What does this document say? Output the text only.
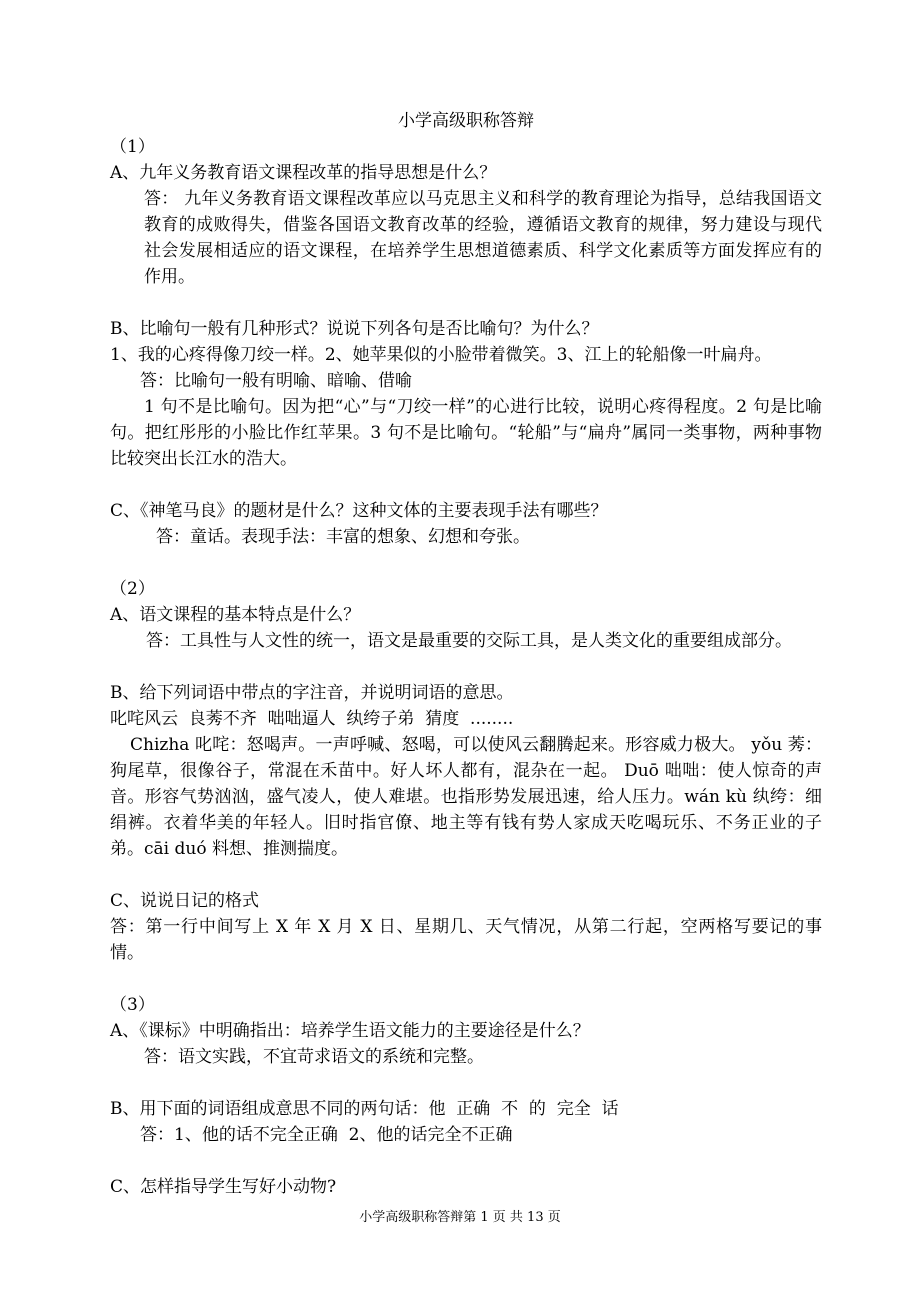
小学高级职称答辩
（1）
A、九年义务教育语文课程改革的指导思想是什么？
答： 九年义务教育语文课程改革应以马克思主义和科学的教育理论为指导，总结我国语文教育的成败得失，借鉴各国语文教育改革的经验，遵循语文教育的规律，努力建设与现代社会发展相适应的语文课程，在培养学生思想道德素质、科学文化素质等方面发挥应有的作用。
B、比喻句一般有几种形式？说说下列各句是否比喻句？为什么？
1、我的心疼得像刀绞一样。2、她苹果似的小脸带着微笑。3、江上的轮船像一叶扁舟。
答：比喻句一般有明喻、暗喻、借喻
1 句不是比喻句。因为把“心”与“刀绞一样”的心进行比较，说明心疼得程度。2 句是比喻句。把红彤彤的小脸比作红苹果。3 句不是比喻句。“轮船”与“扁舟”属同一类事物，两种事物比较突出长江水的浩大。
C、《神笔马良》的题材是什么？这种文体的主要表现手法有哪些？
答：童话。表现手法：丰富的想象、幻想和夸张。
（2）
A、语文课程的基本特点是什么？
答：工具性与人文性的统一，语文是最重要的交际工具，是人类文化的重要组成部分。
B、给下列词语中带点的字注音，并说明词语的意思。
叱咤风云  良莠不齐  咄咄逼人  纨绔子弟  猜度  ........
Chizha 叱咤：怒喝声。一声呼喊、怒喝，可以使风云翻腾起来。形容威力极大。 yǒu 莠：狗尾草，很像谷子，常混在禾苗中。好人坏人都有，混杂在一起。 Duō 咄咄：使人惊奇的声音。形容气势汹汹，盛气凌人，使人难堪。也指形势发展迅速，给人压力。wán kù 纨绔：细绢裤。衣着华美的年轻人。旧时指官僚、地主等有钱有势人家成天吃喝玩乐、不务正业的子弟。cāi duó 料想、推测揣度。
C、说说日记的格式
答：第一行中间写上 X 年 X 月 X 日、星期几、天气情况，从第二行起，空两格写要记的事情。
（3）
A、《课标》中明确指出：培养学生语文能力的主要途径是什么？
答：语文实践，不宜苛求语文的系统和完整。
B、用下面的词语组成意思不同的两句话：他  正确  不  的  完全  话
答：1、他的话不完全正确  2、他的话完全不正确
C、怎样指导学生写好小动物?
小学高级职称答辩第 1 页 共 13 页
